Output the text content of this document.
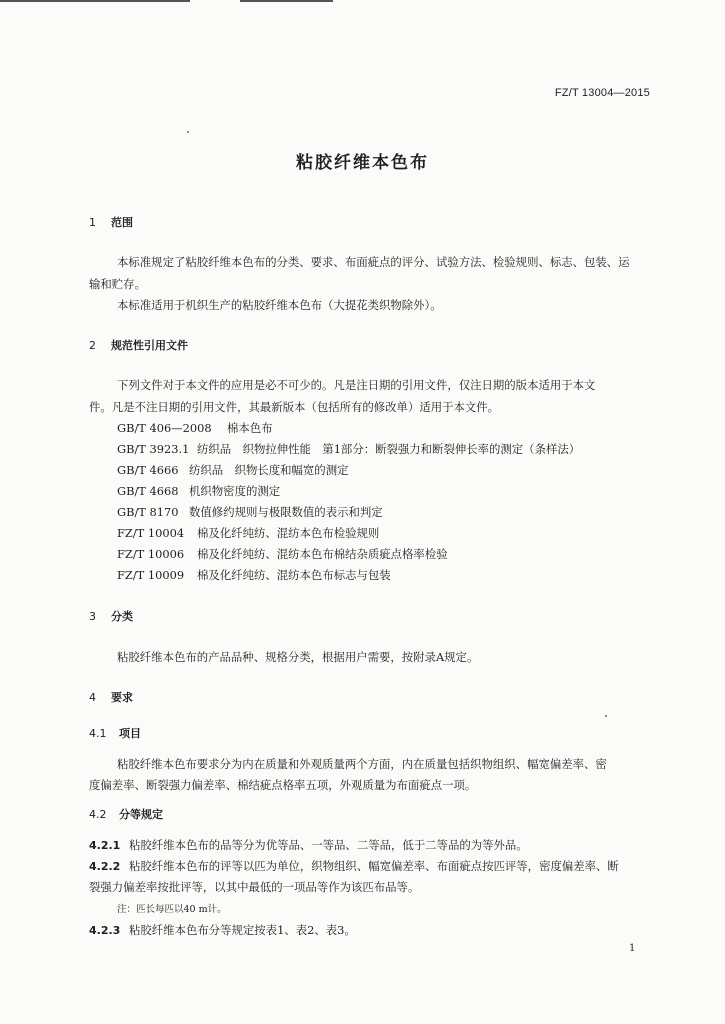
FZ/T 13004—2015
粘胶纤维本色布
1 范围
本标准规定了粘胶纤维本色布的分类、要求、布面疵点的评分、试验方法、检验规则、标志、包装、运
输和贮存。
本标准适用于机织生产的粘胶纤维本色布（大提花类织物除外）。
2 规范性引用文件
下列文件对于本文件的应用是必不可少的。凡是注日期的引用文件，仅注日期的版本适用于本文
件。凡是不注日期的引用文件，其最新版本（包括所有的修改单）适用于本文件。
GB/T 406—2008 棉本色布
GB/T 3923.1 纺织品　织物拉伸性能　第1部分：断裂强力和断裂伸长率的测定（条样法）
GB/T 4666 纺织品　织物长度和幅宽的测定
GB/T 4668 机织物密度的测定
GB/T 8170 数值修约规则与极限数值的表示和判定
FZ/T 10004 棉及化纤纯纺、混纺本色布检验规则
FZ/T 10006 棉及化纤纯纺、混纺本色布棉结杂质疵点格率检验
FZ/T 10009 棉及化纤纯纺、混纺本色布标志与包装
3 分类
粘胶纤维本色布的产品品种、规格分类，根据用户需要，按附录A规定。
4 要求
4.1 项目
粘胶纤维本色布要求分为内在质量和外观质量两个方面，内在质量包括织物组织、幅宽偏差率、密
度偏差率、断裂强力偏差率、棉结疵点格率五项，外观质量为布面疵点一项。
4.2 分等规定
4.2.1 粘胶纤维本色布的品等分为优等品、一等品、二等品，低于二等品的为等外品。
4.2.2 粘胶纤维本色布的评等以匹为单位，织物组织、幅宽偏差率、布面疵点按匹评等，密度偏差率、断
裂强力偏差率按批评等，以其中最低的一项品等作为该匹布品等。
注：匹长每匹以40 m计。
4.2.3 粘胶纤维本色布分等规定按表1、表2、表3。
1
